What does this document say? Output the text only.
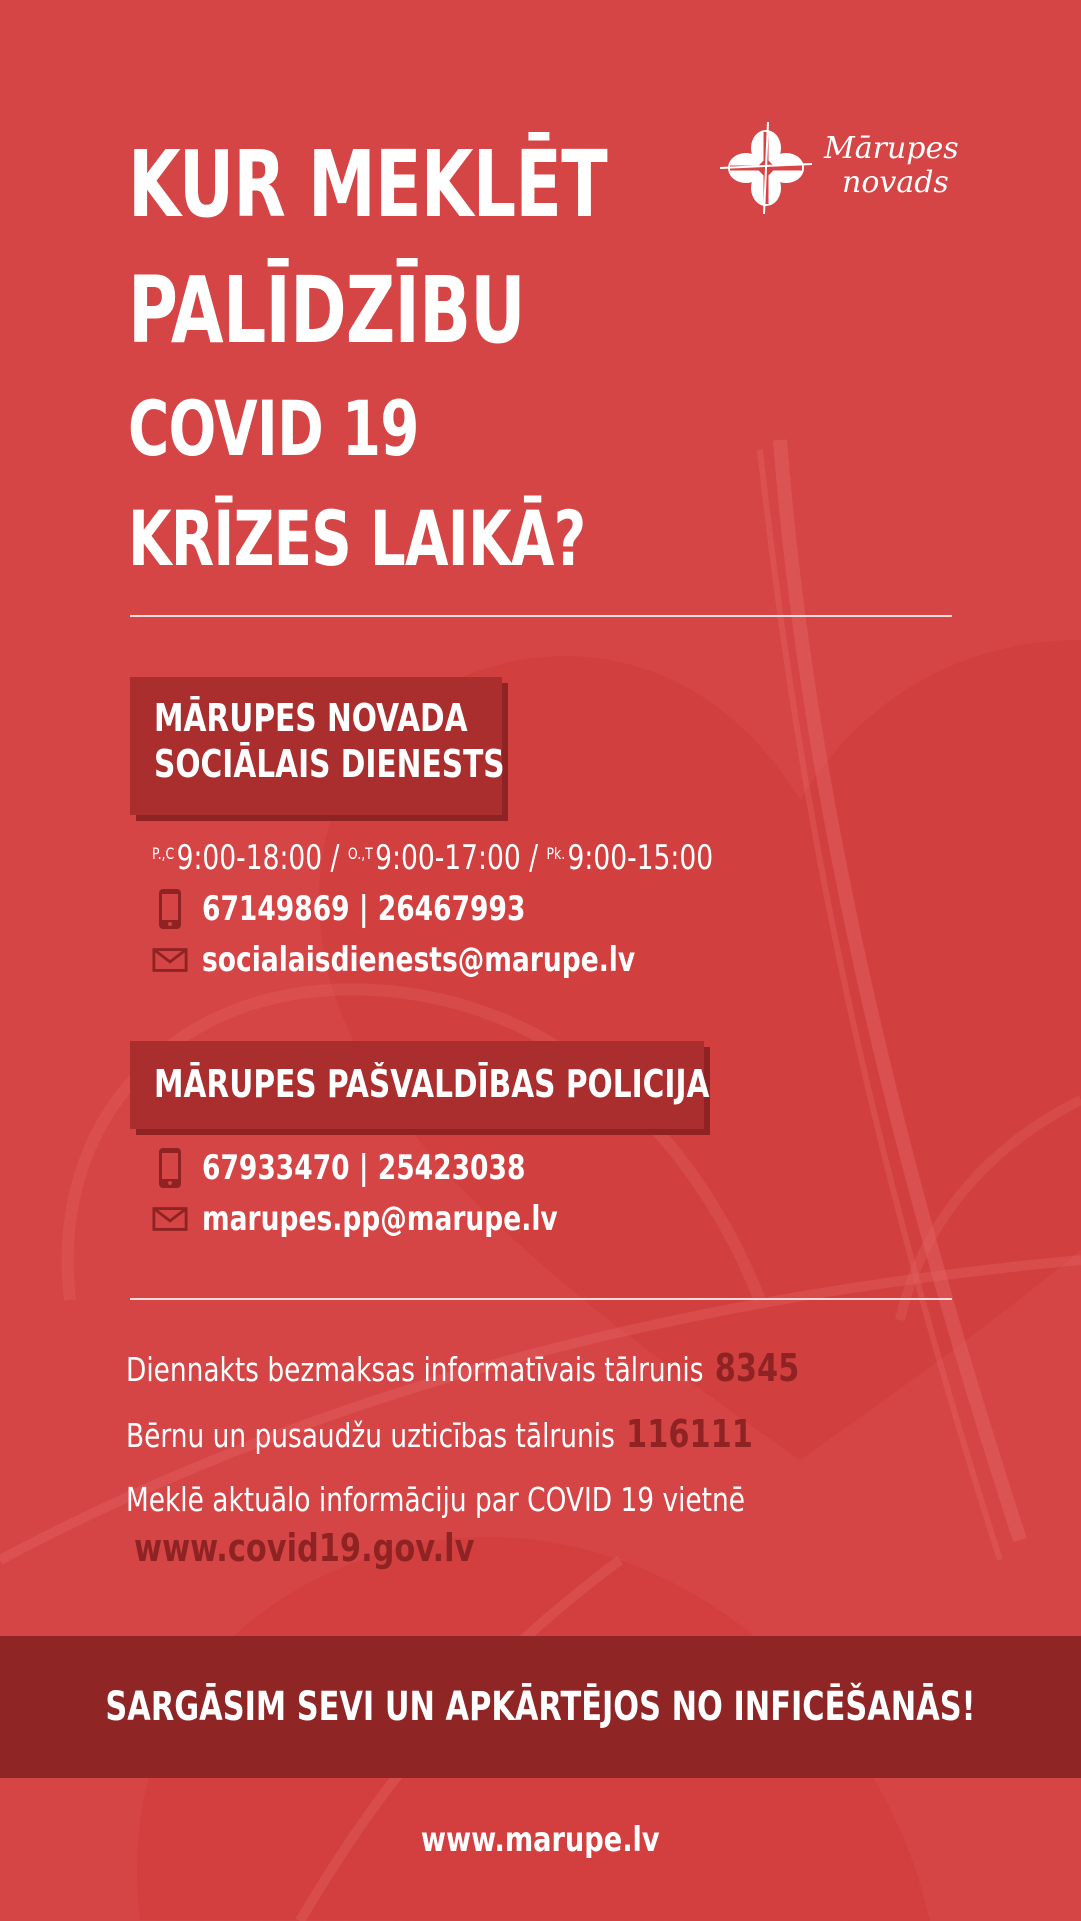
KUR MEKLĒT
PALĪDZĪBU
COVID 19
KRĪZES LAIKĀ?
Mārupes
novads
MĀRUPES NOVADA
SOCIĀLAIS DIENESTS
$^{P.,C}$9:00-18:00 / $^{O.,T}$9:00-17:00 / $^{Pk.}$9:00-15:00
67149869 | 26467993
socialaisdienests@marupe.lv
MĀRUPES PAŠVALDĪBAS POLICIJA
67933470 | 25423038
marupes.pp@marupe.lv
Diennakts bezmaksas informatīvais tālrunis 8345
Bērnu un pusaudžu uzticības tālrunis 116111
Meklē aktuālo informāciju par COVID 19 vietnē
www.covid19.gov.lv
SARGĀSIM SEVI UN APKĀRTĒJOS NO INFICĒŠANĀS!
www.marupe.lv
